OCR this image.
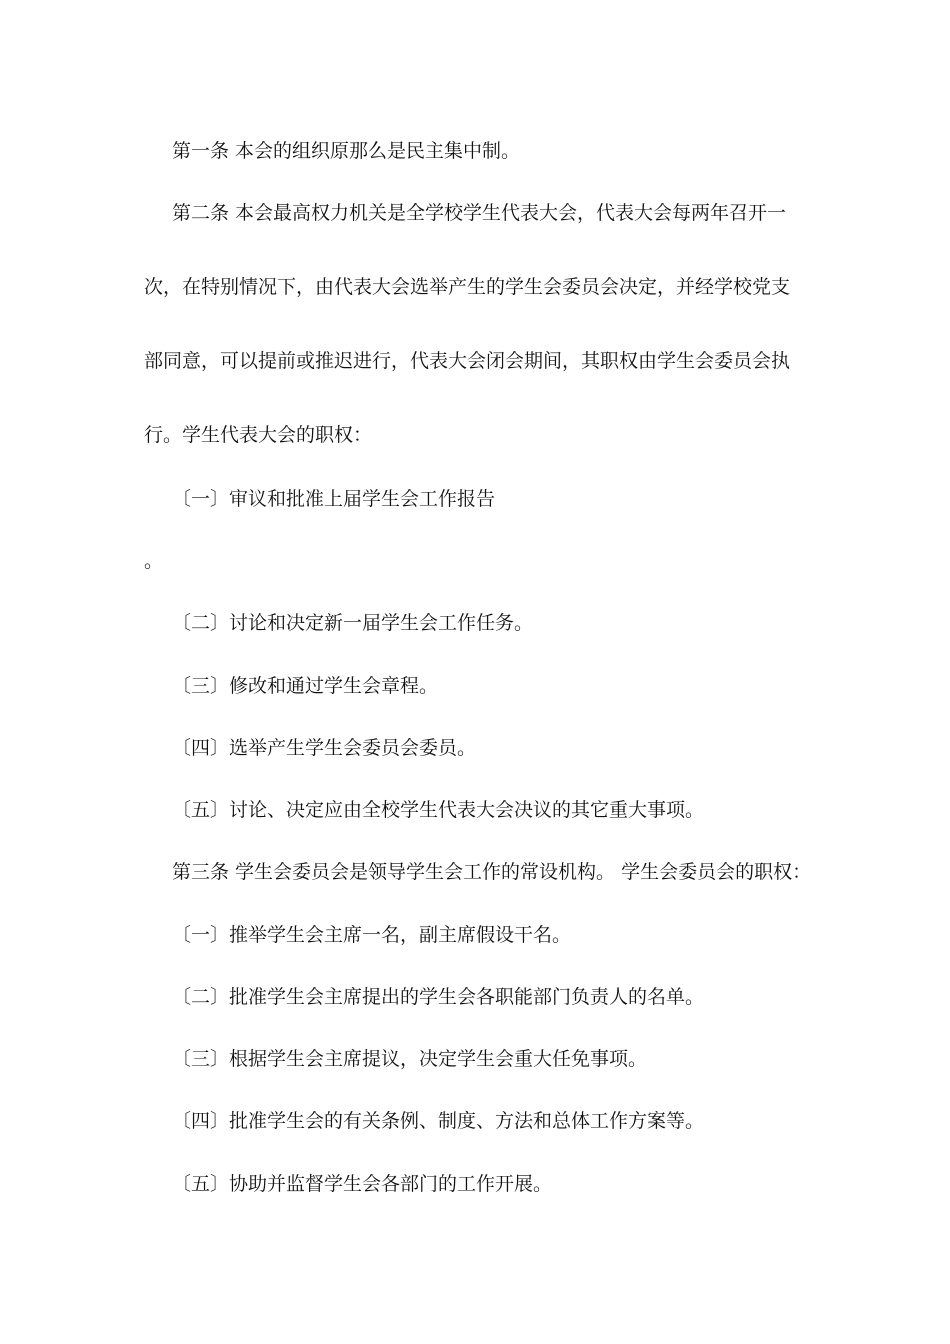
第一条 本会的组织原那么是民主集中制。
第二条 本会最高权力机关是全学校学生代表大会，代表大会每两年召开一
次，在特别情况下，由代表大会选举产生的学生会委员会决定，并经学校党支
部同意，可以提前或推迟进行，代表大会闭会期间，其职权由学生会委员会执
行。学生代表大会的职权：
〔一〕审议和批准上届学生会工作报告
。
〔二〕讨论和决定新一届学生会工作任务。
〔三〕修改和通过学生会章程。
〔四〕选举产生学生会委员会委员。
〔五〕讨论、决定应由全校学生代表大会决议的其它重大事项。
第三条 学生会委员会是领导学生会工作的常设机构。 学生会委员会的职权：
〔一〕推举学生会主席一名，副主席假设干名。
〔二〕批准学生会主席提出的学生会各职能部门负责人的名单。
〔三〕根据学生会主席提议，决定学生会重大任免事项。
〔四〕批准学生会的有关条例、制度、方法和总体工作方案等。
〔五〕协助并监督学生会各部门的工作开展。
